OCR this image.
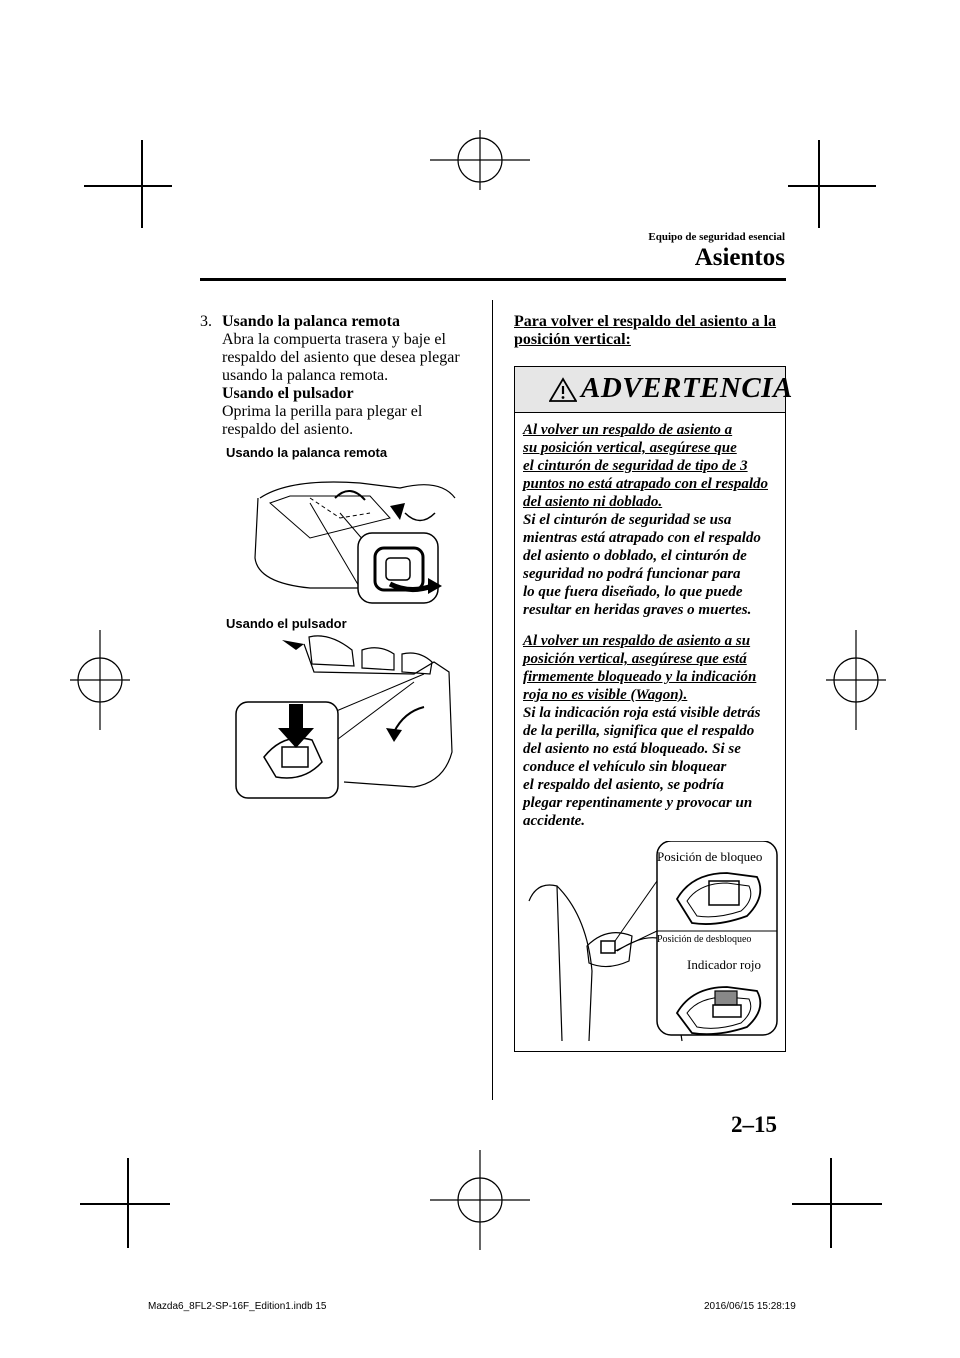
Equipo de seguridad esencial
Asientos
3. Usando la palanca remota
Abra la compuerta trasera y baje el
respaldo del asiento que desea plegar
usando la palanca remota.
Usando el pulsador
Oprima la perilla para plegar el
respaldo del asiento.
Usando la palanca remota
Usando el pulsador
Para volver el respaldo del asiento a la
posición vertical:
ADVERTENCIA
Al volver un respaldo de asiento a
su posición vertical, asegúrese que
el cinturón de seguridad de tipo de 3
puntos no está atrapado con el respaldo
del asiento ni doblado.
Si el cinturón de seguridad se usa
mientras está atrapado con el respaldo
del asiento o doblado, el cinturón de
seguridad no podrá funcionar para
lo que fuera diseñado, lo que puede
resultar en heridas graves o muertes.
Al volver un respaldo de asiento a su
posición vertical, asegúrese que está
firmemente bloqueado y la indicación
roja no es visible (Wagon).
Si la indicación roja está visible detrás
de la perilla, significa que el respaldo
del asiento no está bloqueado. Si se
conduce el vehículo sin bloquear
el respaldo del asiento, se podría
plegar repentinamente y provocar un
accidente.
Posición de bloqueo
Posición de desbloqueo
Indicador rojo
2–15
Mazda6_8FL2-SP-16F_Edition1.indb 15	2016/06/15 15:28:19
